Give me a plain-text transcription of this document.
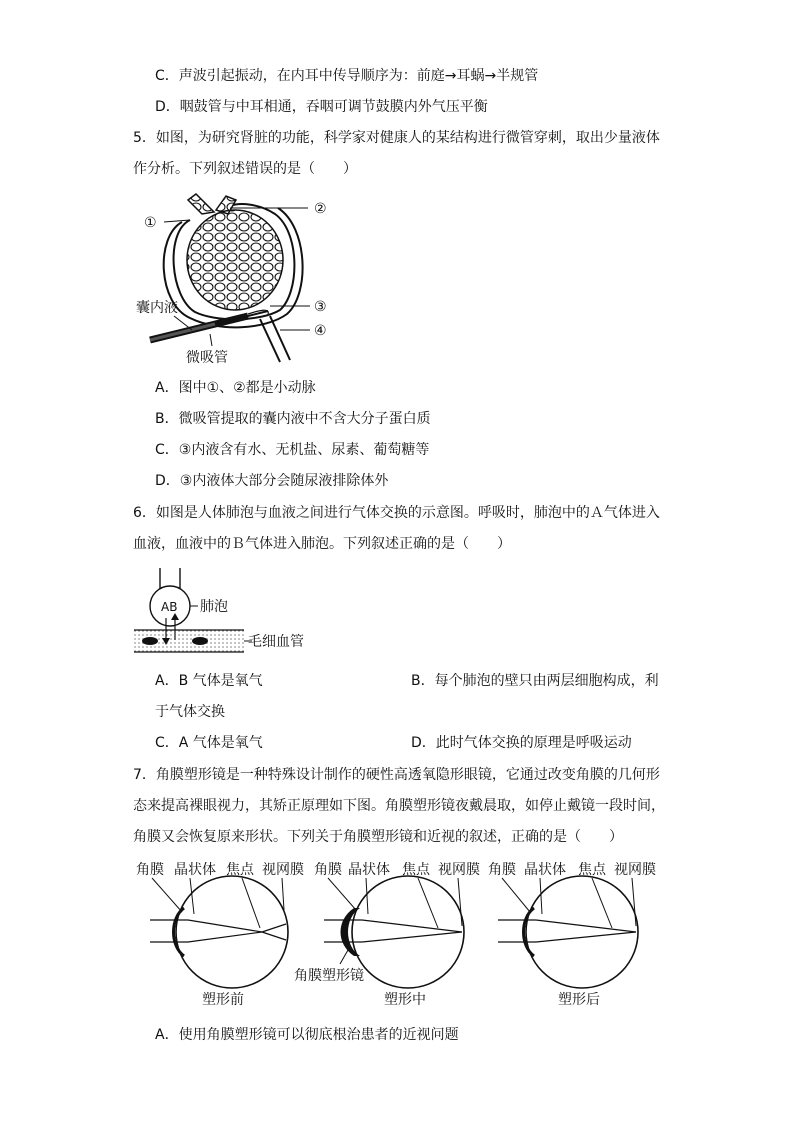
C．声波引起振动，在内耳中传导顺序为：前庭→耳蜗→半规管
D．咽鼓管与中耳相通，吞咽可调节鼓膜内外气压平衡
5．如图，为研究肾脏的功能，科学家对健康人的某结构进行微管穿刺，取出少量液体
作分析。下列叙述错误的是（　　）
①
②
③
④
囊内液
微吸管
A．图中①、②都是小动脉
B．微吸管提取的囊内液中不含大分子蛋白质
C．③内液含有水、无机盐、尿素、葡萄糖等
D．③内液体大部分会随尿液排除体外
6．如图是人体肺泡与血液之间进行气体交换的示意图。呼吸时，肺泡中的Ａ气体进入
血液，血液中的Ｂ气体进入肺泡。下列叙述正确的是（　　）
AB 肺泡
毛细血管
A．B 气体是氧气	B．每个肺泡的壁只由两层细胞构成，利
于气体交换
C．A 气体是氧气	D．此时气体交换的原理是呼吸运动
7．角膜塑形镜是一种特殊设计制作的硬性高透氧隐形眼镜，它通过改变角膜的几何形
态来提高裸眼视力，其矫正原理如下图。角膜塑形镜夜戴晨取，如停止戴镜一段时间，
角膜又会恢复原来形状。下列关于角膜塑形镜和近视的叙述，正确的是（　　）
角膜 晶状体 焦点 视网膜
塑形前
角膜 晶状体 焦点 视网膜
角膜塑形镜
塑形中
角膜 晶状体 焦点 视网膜
塑形后
A．使用角膜塑形镜可以彻底根治患者的近视问题
